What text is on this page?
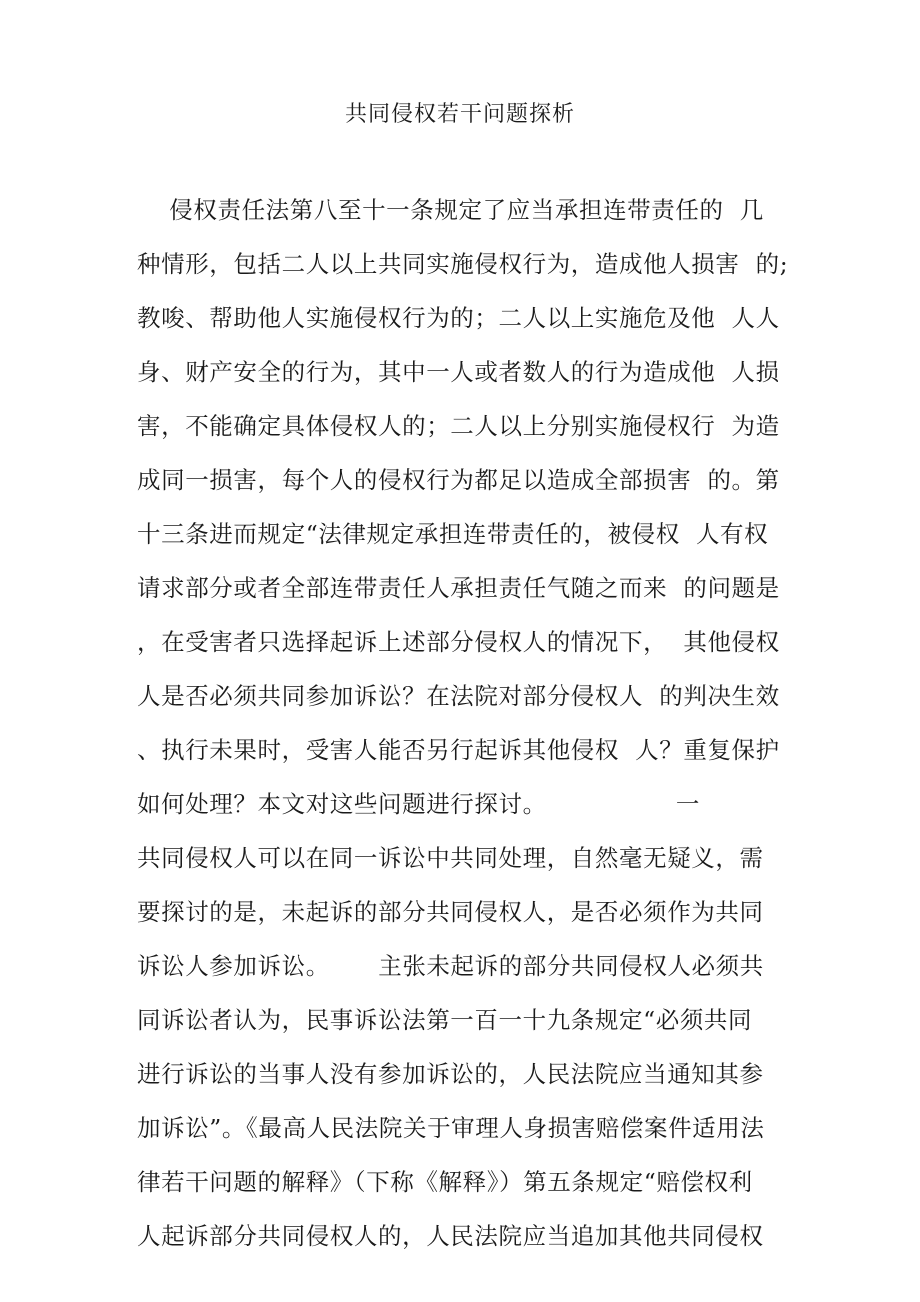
共同侵权若干问题探析
侵权责任法第八至十一条规定了应当承担连带责任的  几
种情形，包括二人以上共同实施侵权行为，造成他人损害  的;
教唆、帮助他人实施侵权行为的；二人以上实施危及他  人人
身、财产安全的行为，其中一人或者数人的行为造成他  人损
害，不能确定具体侵权人的；二人以上分别实施侵权行  为造
成同一损害，每个人的侵权行为都足以造成全部损害  的。第
十三条进而规定“法律规定承担连带责任的，被侵权  人有权
请求部分或者全部连带责任人承担责任气随之而来  的问题是
，在受害者只选择起诉上述部分侵权人的情况下，  其他侵权
人是否必须共同参加诉讼？在法院对部分侵权人  的判决生效
、执行未果时，受害人能否另行起诉其他侵权  人？重复保护
如何处理？本文对这些问题进行探讨。                一
共同侵权人可以在同一诉讼中共同处理，自然毫无疑义，需
要探讨的是，未起诉的部分共同侵权人，是否必须作为共同
诉讼人参加诉讼。      主张未起诉的部分共同侵权人必须共
同诉讼者认为，民事诉讼法第一百一十九条规定“必须共同
进行诉讼的当事人没有参加诉讼的，人民法院应当通知其参
加诉讼”。《最高人民法院关于审理人身损害赔偿案件适用法
律若干问题的解释》（下称《解释》）第五条规定“赔偿权利
人起诉部分共同侵权人的，人民法院应当追加其他共同侵权
